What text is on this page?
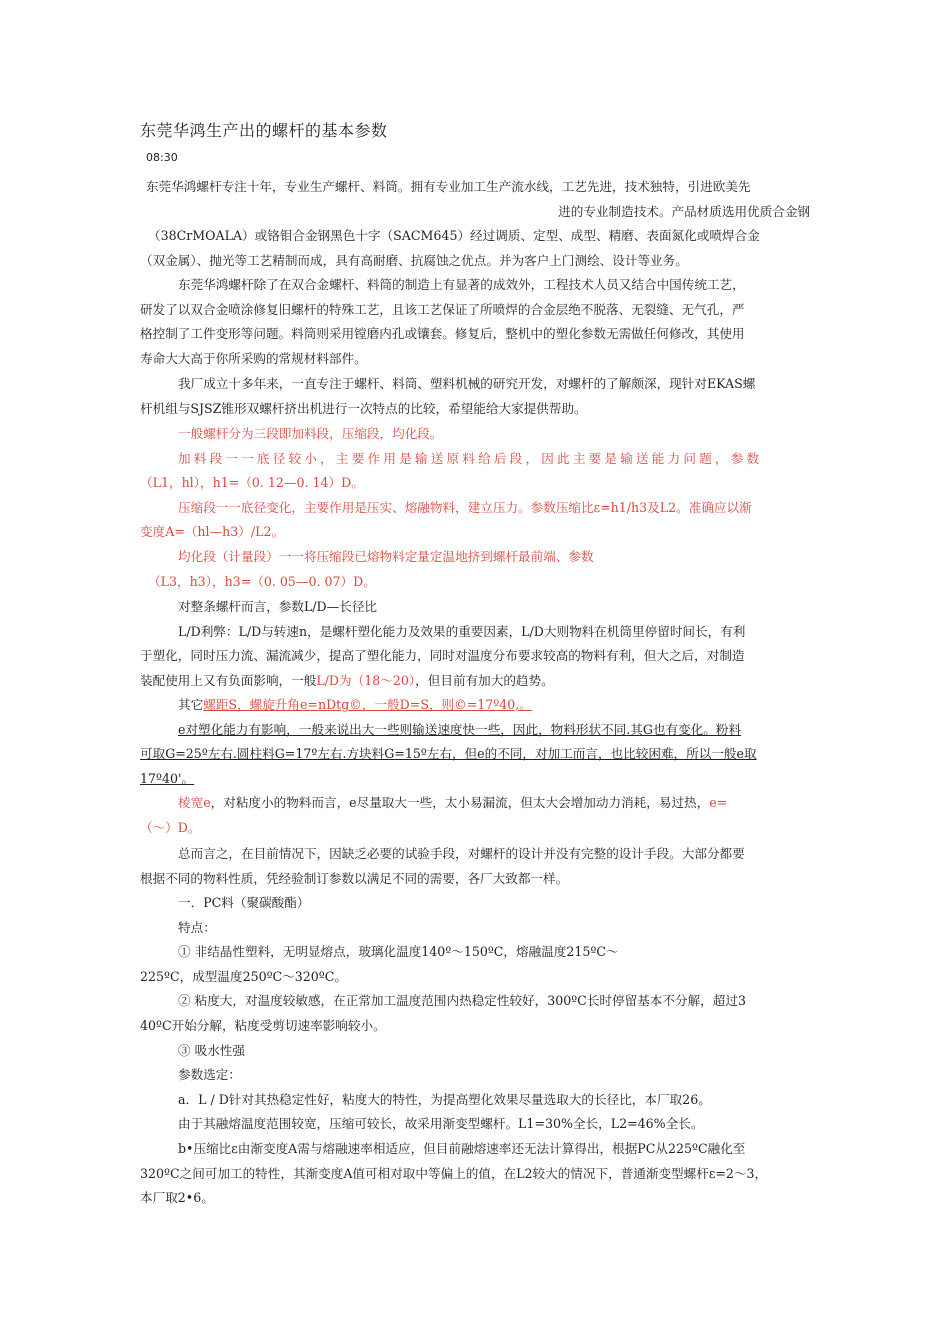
东莞华鸿生产出的螺杆的基本参数
08:30
东莞华鸿螺杆专注十年，专业生产螺杆、料筒。拥有专业加工生产流水线，工艺先进，技术独特，引进欧美先
进的专业制造技术。产品材质选用优质合金钢
（38CrMOALA）或铬钼合金钢黑色十字（SACM645）经过调质、定型、成型、精磨、表面氮化或喷焊合金
（双金属）、抛光等工艺精制而成，具有高耐磨、抗腐蚀之优点。并为客户上门测绘、设计等业务。
东莞华鸿螺杆除了在双合金螺杆、料筒的制造上有显著的成效外，工程技术人员又结合中国传统工艺，
研发了以双合金喷涂修复旧螺杆的特殊工艺，且该工艺保证了所喷焊的合金层绝不脱落、无裂缝、无气孔，严
格控制了工件变形等问题。料筒则采用镗磨内孔或镶套。修复后，整机中的塑化参数无需做任何修改，其使用
寿命大大高于你所采购的常规材料部件。
我厂成立十多年来，一直专注于螺杆、料筒、塑料机械的研究开发，对螺杆的了解颇深，现针对EKAS螺
杆机组与SJSZ锥形双螺杆挤出机进行一次特点的比较，希望能给大家提供帮助。
一般螺杆分为三段即加料段，压缩段，均化段。
加料段一一底径较小，主要作用是输送原料给后段，因此主要是输送能力问题，参数
（L1，hl），h1=（0. 12—0. 14）D。
压缩段一一底径变化，主要作用是压实、熔融物料，建立压力。参数压缩比ε=h1/h3及L2。准确应以渐
变度A=（hl—h3）/L2。
均化段（计量段）一一将压缩段已熔物料定量定温地挤到螺杆最前端、参数
（L3，h3），h3=（0. 05—0. 07）D。
对整条螺杆而言，参数L/D—长径比
L/D利弊：L/D与转速n，是螺杆塑化能力及效果的重要因素，L/D大则物料在机筒里停留时间长，有利
于塑化，同时压力流、漏流减少，提高了塑化能力，同时对温度分布要求较高的物料有利，但大之后，对制造
装配使用上又有负面影响，一般L/D为（18〜20），但目前有加大的趋势。
其它螺距S，螺旋升角e=nDtg©，一般D=S，则©=17º40,。
e对塑化能力有影响，一般来说出大一些则输送速度快一些，因此，物料形状不同.其G也有变化。粉料
可取G=25º左右.圆柱料G=17º左右.方块料G=15º左右，但e的不同，对加工而言，也比较困难，所以一般e取
17º40'。
棱宽e，对粘度小的物料而言，e尽量取大一些，太小易漏流，但太大会增加动力消耗，易过热，e=
（〜）D。
总而言之，在目前情况下，因缺乏必要的试验手段，对螺杆的设计并没有完整的设计手段。大部分都要
根据不同的物料性质，凭经验制订参数以满足不同的需要，各厂大致都一样。
一．PC料（聚碳酸酯）
特点：
① 非结晶性塑料，无明显熔点，玻璃化温度140º〜150ºC，熔融温度215ºC〜
225ºC，成型温度250ºC〜320ºC。
② 粘度大，对温度较敏感，在正常加工温度范围内热稳定性较好，300ºC长时停留基本不分解，超过3
40ºC开始分解，粘度受剪切速率影响较小。
③ 吸水性强
参数选定：
a．L / D针对其热稳定性好，粘度大的特性，为提高塑化效果尽量选取大的长径比，本厂取26。
由于其融熔温度范围较宽，压缩可较长，故采用渐变型螺杆。L1=30%全长，L2=46%全长。
b•压缩比ε由渐变度A需与熔融速率相适应，但目前融熔速率还无法计算得出，根据PC从225ºC融化至
320ºC之间可加工的特性，其渐变度A值可相对取中等偏上的值，在L2较大的情况下，普通渐变型螺杆ε=2〜3，
本厂取2•6。
